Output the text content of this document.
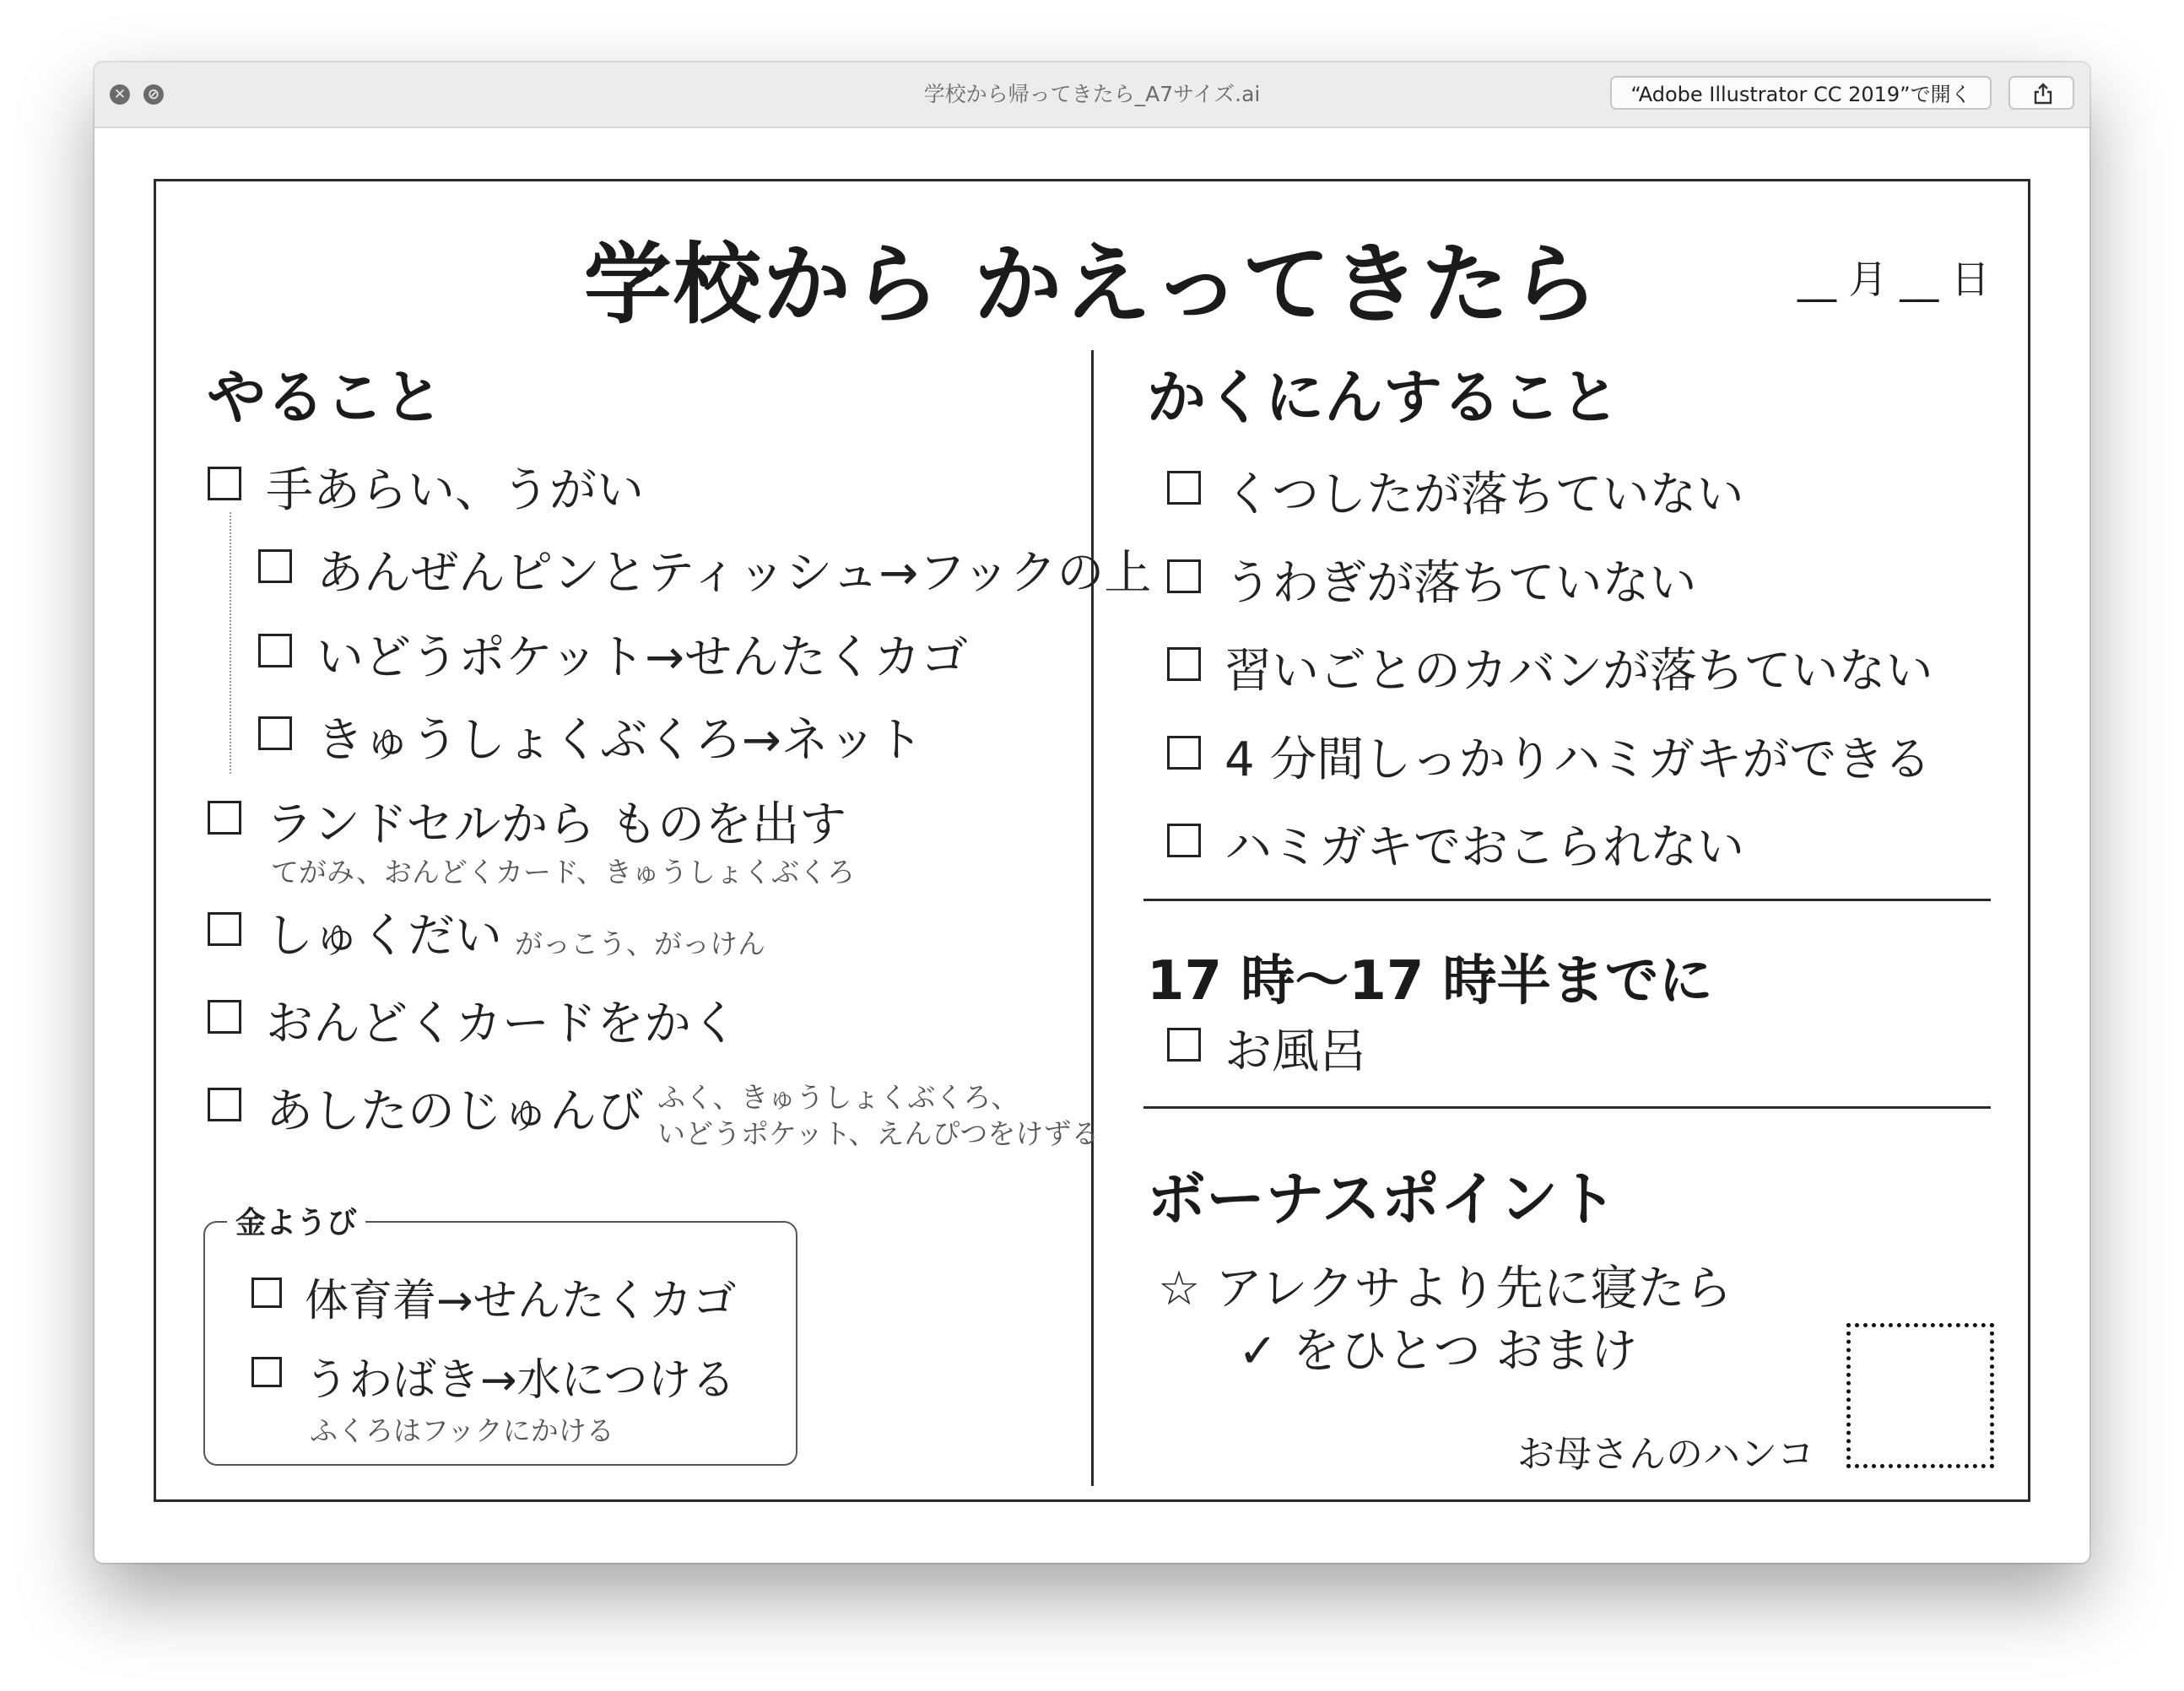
✕ ⊘	学校から帰ってきたら_A7サイズ.ai	“Adobe Illustrator CC 2019”で開く
学校から かえってきたら	__ 月 __ 日
やること
手あらい、うがい
あんぜんピンとティッシュ→フックの上
いどうポケット→せんたくカゴ
きゅうしょくぶくろ→ネット
ランドセルから ものを出す
てがみ、おんどくカード、きゅうしょくぶくろ
しゅくだい がっこう、がっけん
おんどくカードをかく
あしたのじゅんび ふく、きゅうしょくぶくろ、
いどうポケット、えんぴつをけずる
金ようび
体育着→せんたくカゴ
うわばき→水につける
ふくろはフックにかける
かくにんすること
くつしたが落ちていない
うわぎが落ちていない
習いごとのカバンが落ちていない
4 分間しっかりハミガキができる
ハミガキでおこられない
17 時〜17 時半までに
お風呂
ボーナスポイント
☆ アレクサより先に寝たら
✓ をひとつ おまけ
お母さんのハンコ
